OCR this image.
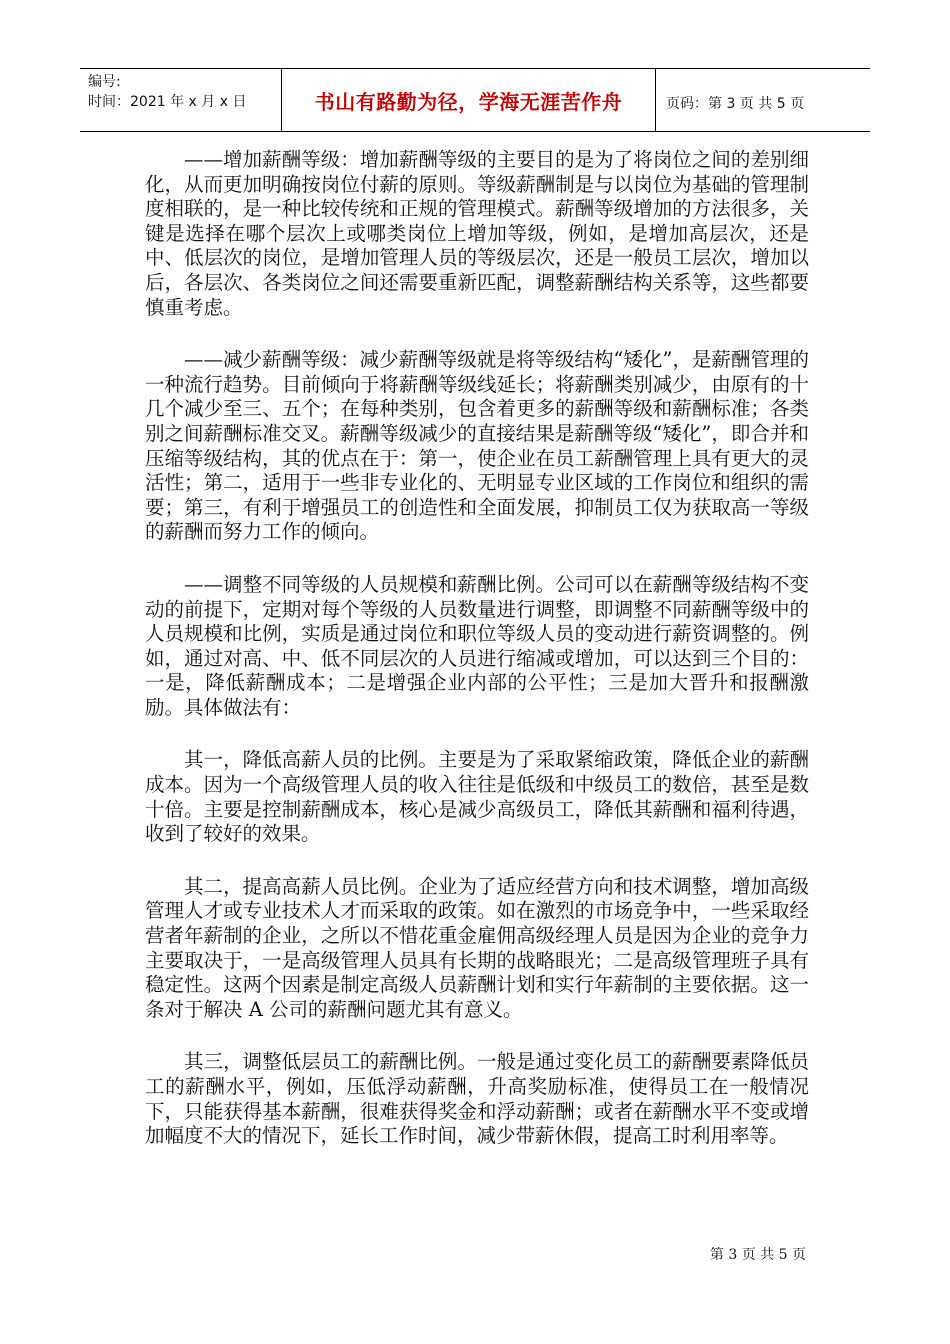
编号:
时间：2021 年 x 月 x 日	书山有路勤为径，学海无涯苦作舟	页码：第 3 页 共 5 页

——增加薪酬等级：增加薪酬等级的主要目的是为了将岗位之间的差别细化，从而更加明确按岗位付薪的原则。等级薪酬制是与以岗位为基础的管理制度相联的，是一种比较传统和正规的管理模式。薪酬等级增加的方法很多，关键是选择在哪个层次上或哪类岗位上增加等级，例如，是增加高层次，还是中、低层次的岗位，是增加管理人员的等级层次，还是一般员工层次，增加以后，各层次、各类岗位之间还需要重新匹配，调整薪酬结构关系等，这些都要慎重考虑。

——减少薪酬等级：减少薪酬等级就是将等级结构“矮化”，是薪酬管理的一种流行趋势。目前倾向于将薪酬等级线延长；将薪酬类别减少，由原有的十几个减少至三、五个；在每种类别，包含着更多的薪酬等级和薪酬标准；各类别之间薪酬标准交叉。薪酬等级减少的直接结果是薪酬等级“矮化”，即合并和压缩等级结构，其的优点在于：第一，使企业在员工薪酬管理上具有更大的灵活性；第二，适用于一些非专业化的、无明显专业区域的工作岗位和组织的需要；第三，有利于增强员工的创造性和全面发展，抑制员工仅为获取高一等级的薪酬而努力工作的倾向。

——调整不同等级的人员规模和薪酬比例。公司可以在薪酬等级结构不变动的前提下，定期对每个等级的人员数量进行调整，即调整不同薪酬等级中的人员规模和比例，实质是通过岗位和职位等级人员的变动进行薪资调整的。例如，通过对高、中、低不同层次的人员进行缩减或增加，可以达到三个目的：一是，降低薪酬成本；二是增强企业内部的公平性；三是加大晋升和报酬激励。具体做法有：

其一，降低高薪人员的比例。主要是为了采取紧缩政策，降低企业的薪酬成本。因为一个高级管理人员的收入往往是低级和中级员工的数倍，甚至是数十倍。主要是控制薪酬成本，核心是减少高级员工，降低其薪酬和福利待遇，收到了较好的效果。

其二，提高高薪人员比例。企业为了适应经营方向和技术调整，增加高级管理人才或专业技术人才而采取的政策。如在激烈的市场竞争中，一些采取经营者年薪制的企业，之所以不惜花重金雇佣高级经理人员是因为企业的竞争力主要取决于，一是高级管理人员具有长期的战略眼光；二是高级管理班子具有稳定性。这两个因素是制定高级人员薪酬计划和实行年薪制的主要依据。这一条对于解决 A 公司的薪酬问题尤其有意义。

其三，调整低层员工的薪酬比例。一般是通过变化员工的薪酬要素降低员工的薪酬水平，例如，压低浮动薪酬，升高奖励标准，使得员工在一般情况下，只能获得基本薪酬，很难获得奖金和浮动薪酬；或者在薪酬水平不变或增加幅度不大的情况下，延长工作时间，减少带薪休假，提高工时利用率等。

第 3 页 共 5 页
